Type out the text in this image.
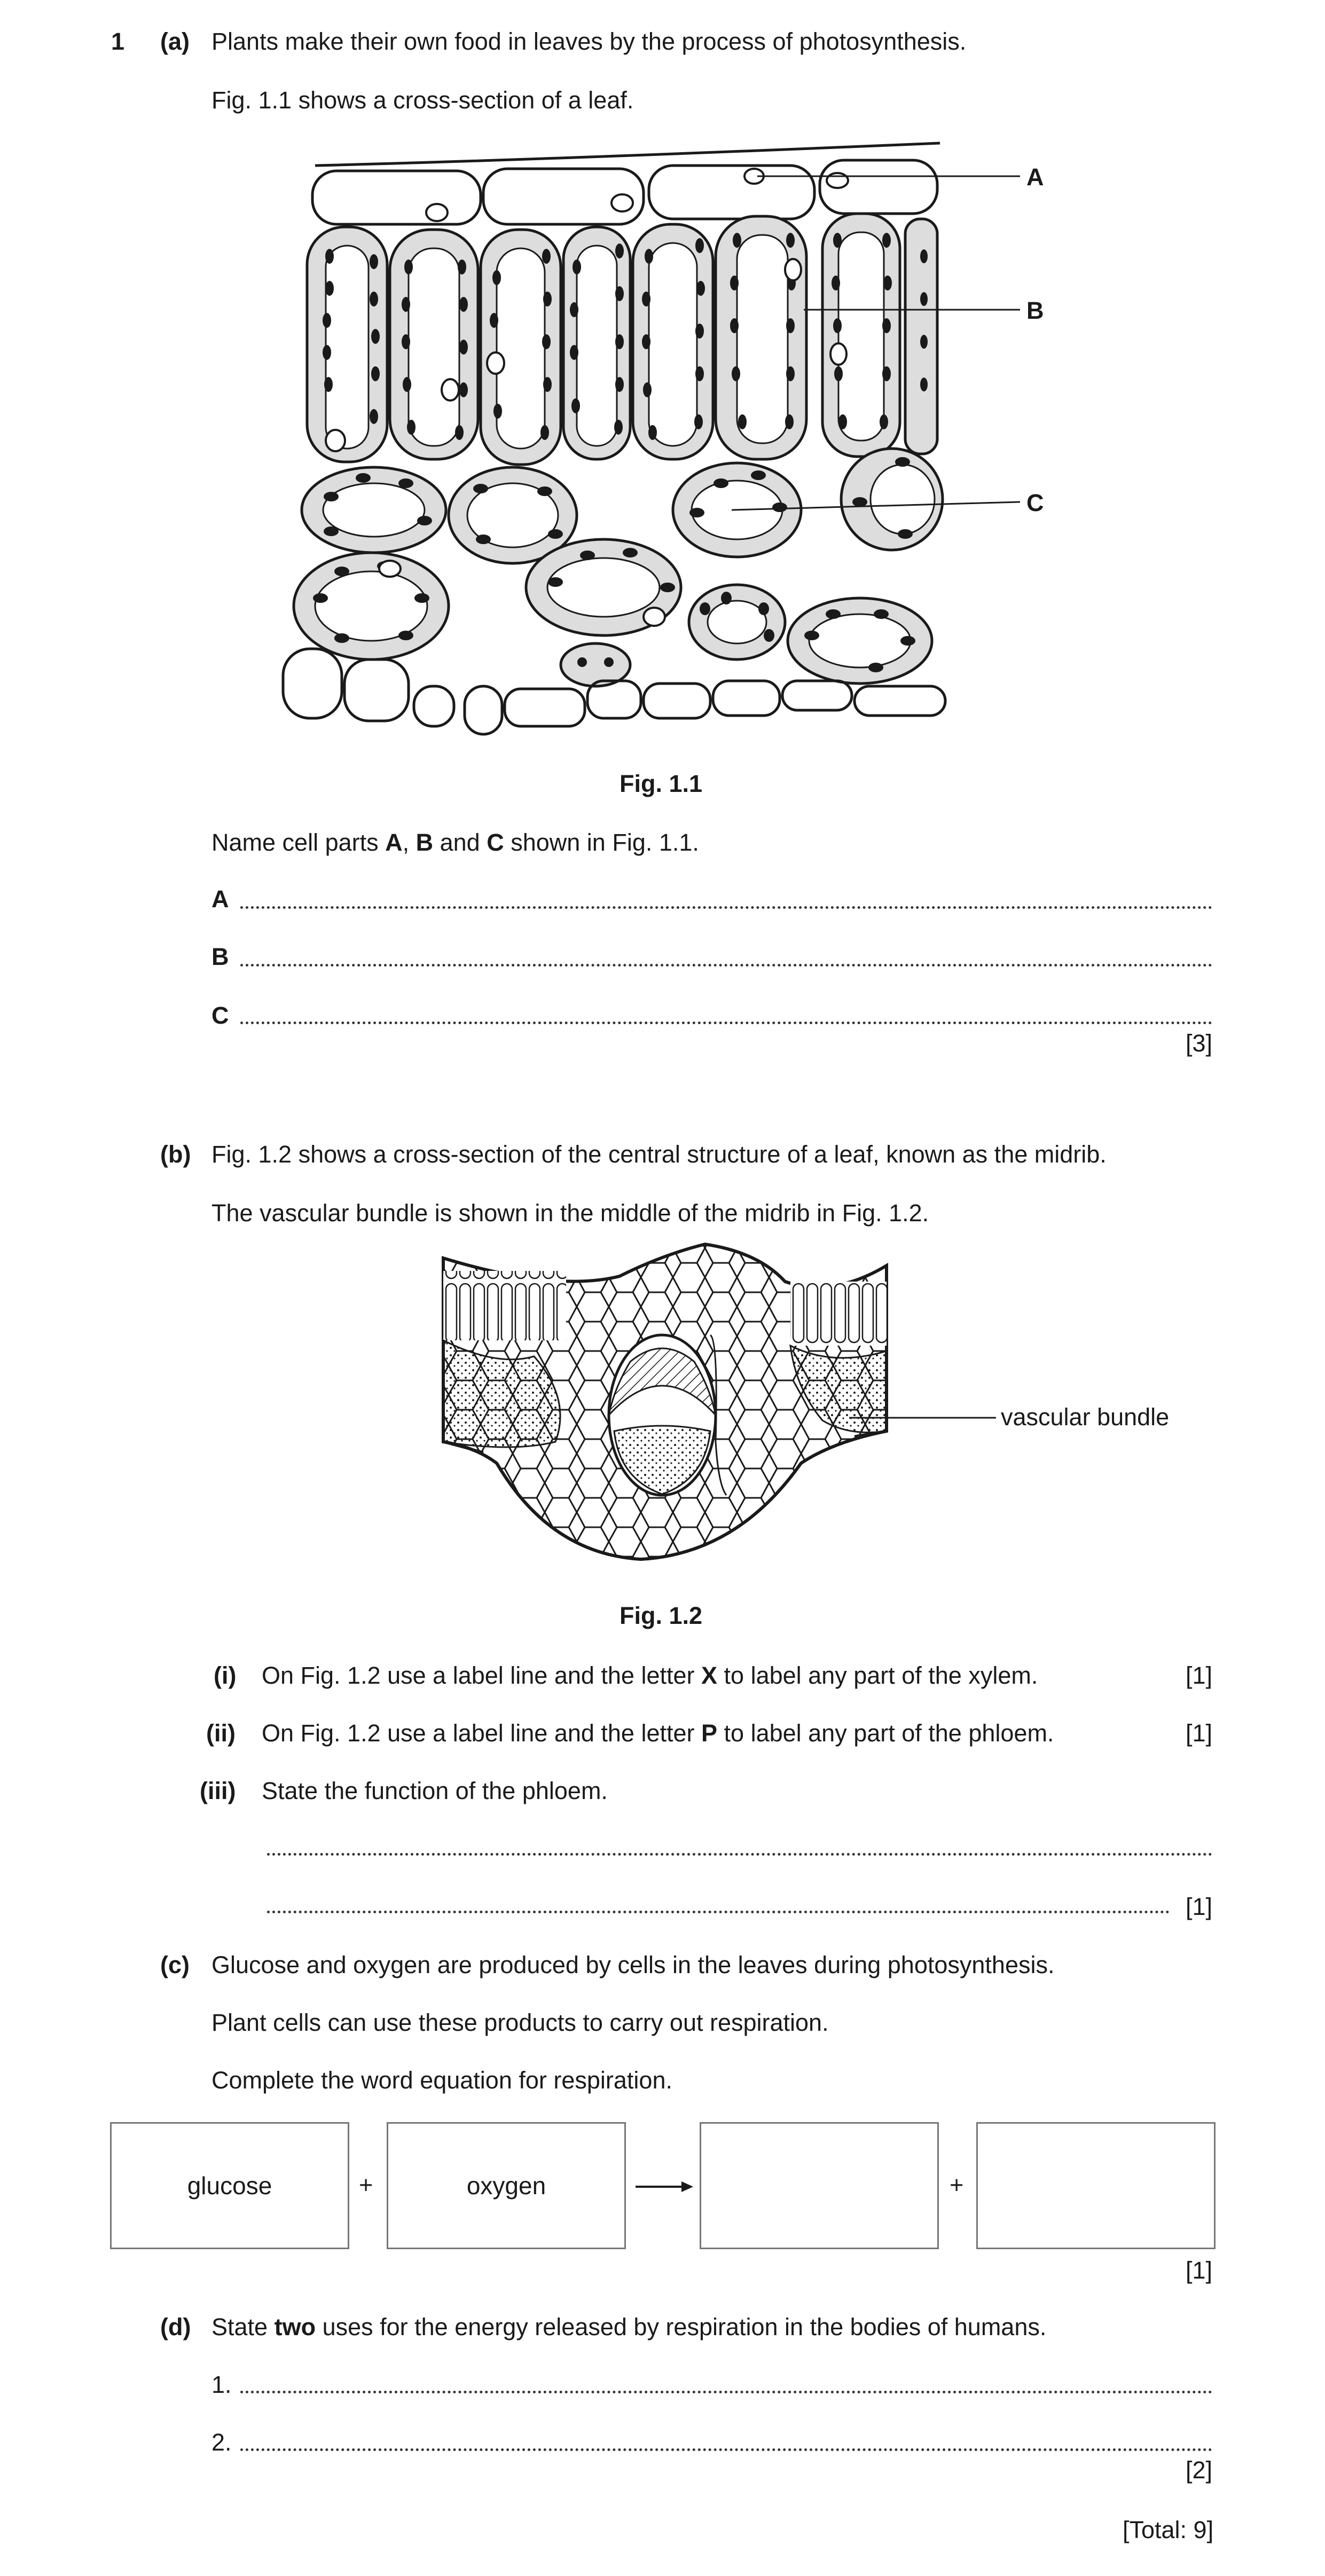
1 (a) Plants make their own food in leaves by the process of photosynthesis.
Fig. 1.1 shows a cross-section of a leaf.
A
B
C
Fig. 1.1
Name cell parts A, B and C shown in Fig. 1.1.
A
B
C
[3]
(b) Fig. 1.2 shows a cross-section of the central structure of a leaf, known as the midrib.
The vascular bundle is shown in the middle of the midrib in Fig. 1.2.
vascular bundle
Fig. 1.2
(i) On Fig. 1.2 use a label line and the letter X to label any part of the xylem.	[1]
(ii) On Fig. 1.2 use a label line and the letter P to label any part of the phloem.	[1]
(iii) State the function of the phloem.
[1]
(c) Glucose and oxygen are produced by cells in the leaves during photosynthesis.
Plant cells can use these products to carry out respiration.
Complete the word equation for respiration.
glucose	+	oxygen	+
[1]
(d) State two uses for the energy released by respiration in the bodies of humans.
1.
2.
[2]
[Total: 9]
